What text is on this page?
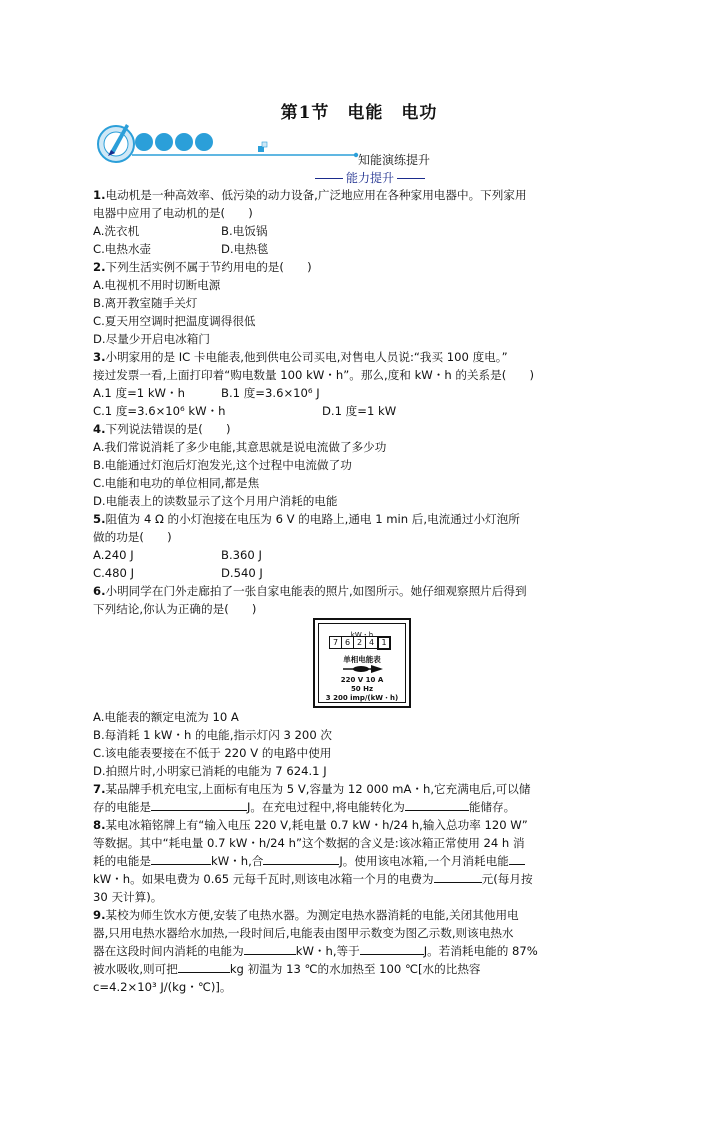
第1节　电能　电功
知能演练提升
能力提升
1.电动机是一种高效率、低污染的动力设备,广泛地应用在各种家用电器中。下列家用
电器中应用了电动机的是(　　)
A.洗衣机	B.电饭锅
C.电热水壶	D.电热毯
2.下列生活实例不属于节约用电的是(　　)
A.电视机不用时切断电源
B.离开教室随手关灯
C.夏天用空调时把温度调得很低
D.尽量少开启电冰箱门
3.小明家用的是 IC 卡电能表,他到供电公司买电,对售电人员说:“我买 100 度电。”
接过发票一看,上面打印着“购电数量 100 kW・h”。那么,度和 kW・h 的关系是(　　)
A.1 度=1 kW・h	B.1 度=3.6×10⁶ J
C.1 度=3.6×10⁶ kW・h	D.1 度=1 kW
4.下列说法错误的是(　　)
A.我们常说消耗了多少电能,其意思就是说电流做了多少功
B.电能通过灯泡后灯泡发光,这个过程中电流做了功
C.电能和电功的单位相同,都是焦
D.电能表上的读数显示了这个月用户消耗的电能
5.阻值为 4 Ω 的小灯泡接在电压为 6 V 的电路上,通电 1 min 后,电流通过小灯泡所
做的功是(　　)
A.240 J	B.360 J
C.480 J	D.540 J
6.小明同学在门外走廊拍了一张自家电能表的照片,如图所示。她仔细观察照片后得到
下列结论,你认为正确的是(　　)
kW・h
7 6 2 4 1
单相电能表
220 V 10 A
50 Hz
3 200 imp/(kW・h)
A.电能表的额定电流为 10 A
B.每消耗 1 kW・h 的电能,指示灯闪 3 200 次
C.该电能表要接在不低于 220 V 的电路中使用
D.拍照片时,小明家已消耗的电能为 7 624.1 J
7.某品牌手机充电宝,上面标有电压为 5 V,容量为 12 000 mA・h,它充满电后,可以储
存的电能是	J。在充电过程中,将电能转化为	能储存。
8.某电冰箱铭牌上有“输入电压 220 V,耗电量 0.7 kW・h/24 h,输入总功率 120 W”
等数据。其中“耗电量 0.7 kW・h/24 h”这个数据的含义是:该冰箱正常使用 24 h 消
耗的电能是	kW・h,合	J。使用该电冰箱,一个月消耗电能
kW・h。如果电费为 0.65 元每千瓦时,则该电冰箱一个月的电费为	元(每月按
30 天计算)。
9.某校为师生饮水方便,安装了电热水器。为测定电热水器消耗的电能,关闭其他用电
器,只用电热水器给水加热,一段时间后,电能表由图甲示数变为图乙示数,则该电热水
器在这段时间内消耗的电能为	kW・h,等于	J。若消耗电能的 87%
被水吸收,则可把	kg 初温为 13 ℃的水加热至 100 ℃[水的比热容
c=4.2×10³ J/(kg・℃)]。
